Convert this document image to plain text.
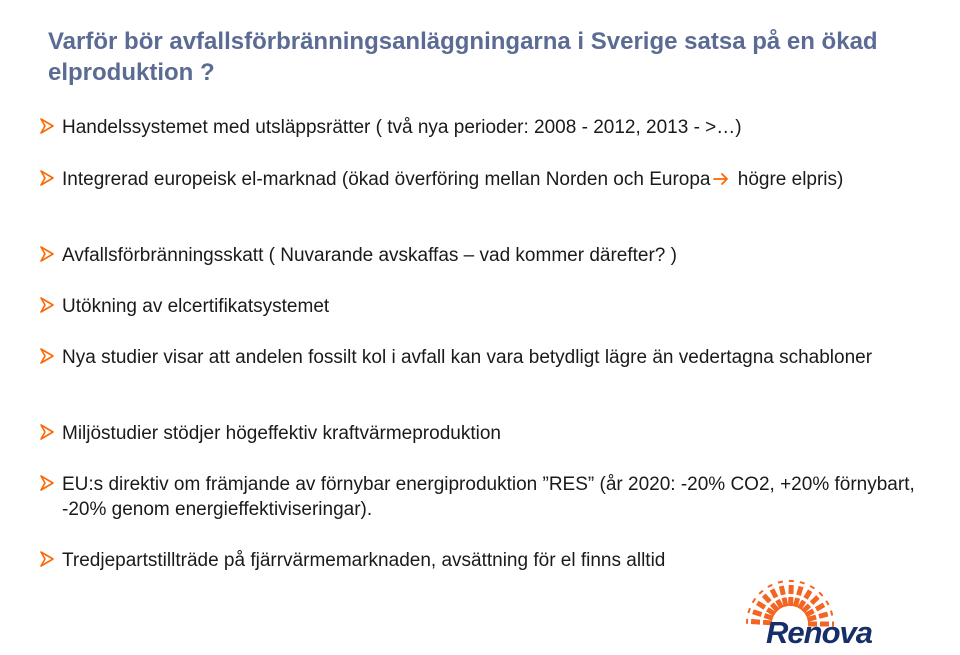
Varför bör avfallsförbränningsanläggningarna i Sverige satsa på en ökad elproduktion ?
Handelssystemet med utsläppsrätter ( två nya perioder: 2008 - 2012, 2013 - >…)
Integrerad europeisk el-marknad (ökad överföring mellan Norden och Europa högre elpris)
Avfallsförbränningsskatt ( Nuvarande avskaffas – vad kommer därefter? )
Utökning av elcertifikatsystemet
Nya studier visar att andelen fossilt kol i avfall kan vara betydligt lägre än vedertagna schabloner
Miljöstudier stödjer högeffektiv kraftvärmeproduktion
EU:s direktiv om främjande av förnybar energiproduktion ”RES” (år 2020: -20% CO2, +20% förnybart, -20% genom energieffektiviseringar).
Tredjepartstillträde på fjärrvärmemarknaden, avsättning för el finns alltid
Renova
